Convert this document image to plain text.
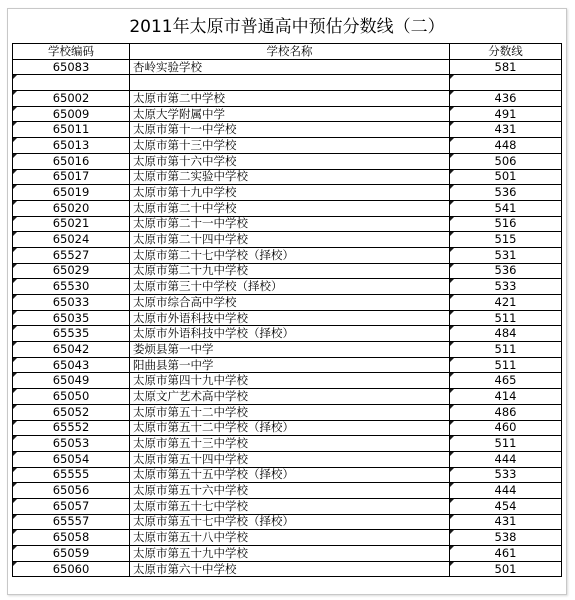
2011年太原市普通高中预估分数线（二）
学校编码	学校名称	分数线
65083	杏岭实验学校	581

65002	太原市第二中学校	436
65009	太原大学附属中学	491
65011	太原市第十一中学校	431
65013	太原市第十三中学校	448
65016	太原市第十六中学校	506
65017	太原市第二实验中学校	501
65019	太原市第十九中学校	536
65020	太原市第二十中学校	541
65021	太原市第二十一中学校	516
65024	太原市第二十四中学校	515
65527	太原市第二十七中学校（择校）	531
65029	太原市第二十九中学校	536
65530	太原市第三十中学校（择校）	533
65033	太原市综合高中学校	421
65035	太原市外语科技中学校	511
65535	太原市外语科技中学校（择校）	484
65042	娄烦县第一中学	511
65043	阳曲县第一中学	511
65049	太原市第四十九中学校	465
65050	太原文广艺术高中学校	414
65052	太原市第五十二中学校	486
65552	太原市第五十二中学校（择校）	460
65053	太原市第五十三中学校	511
65054	太原市第五十四中学校	444
65555	太原市第五十五中学校（择校）	533
65056	太原市第五十六中学校	444
65057	太原市第五十七中学校	454
65557	太原市第五十七中学校（择校）	431
65058	太原市第五十八中学校	538
65059	太原市第五十九中学校	461
65060	太原市第六十中学校	501
